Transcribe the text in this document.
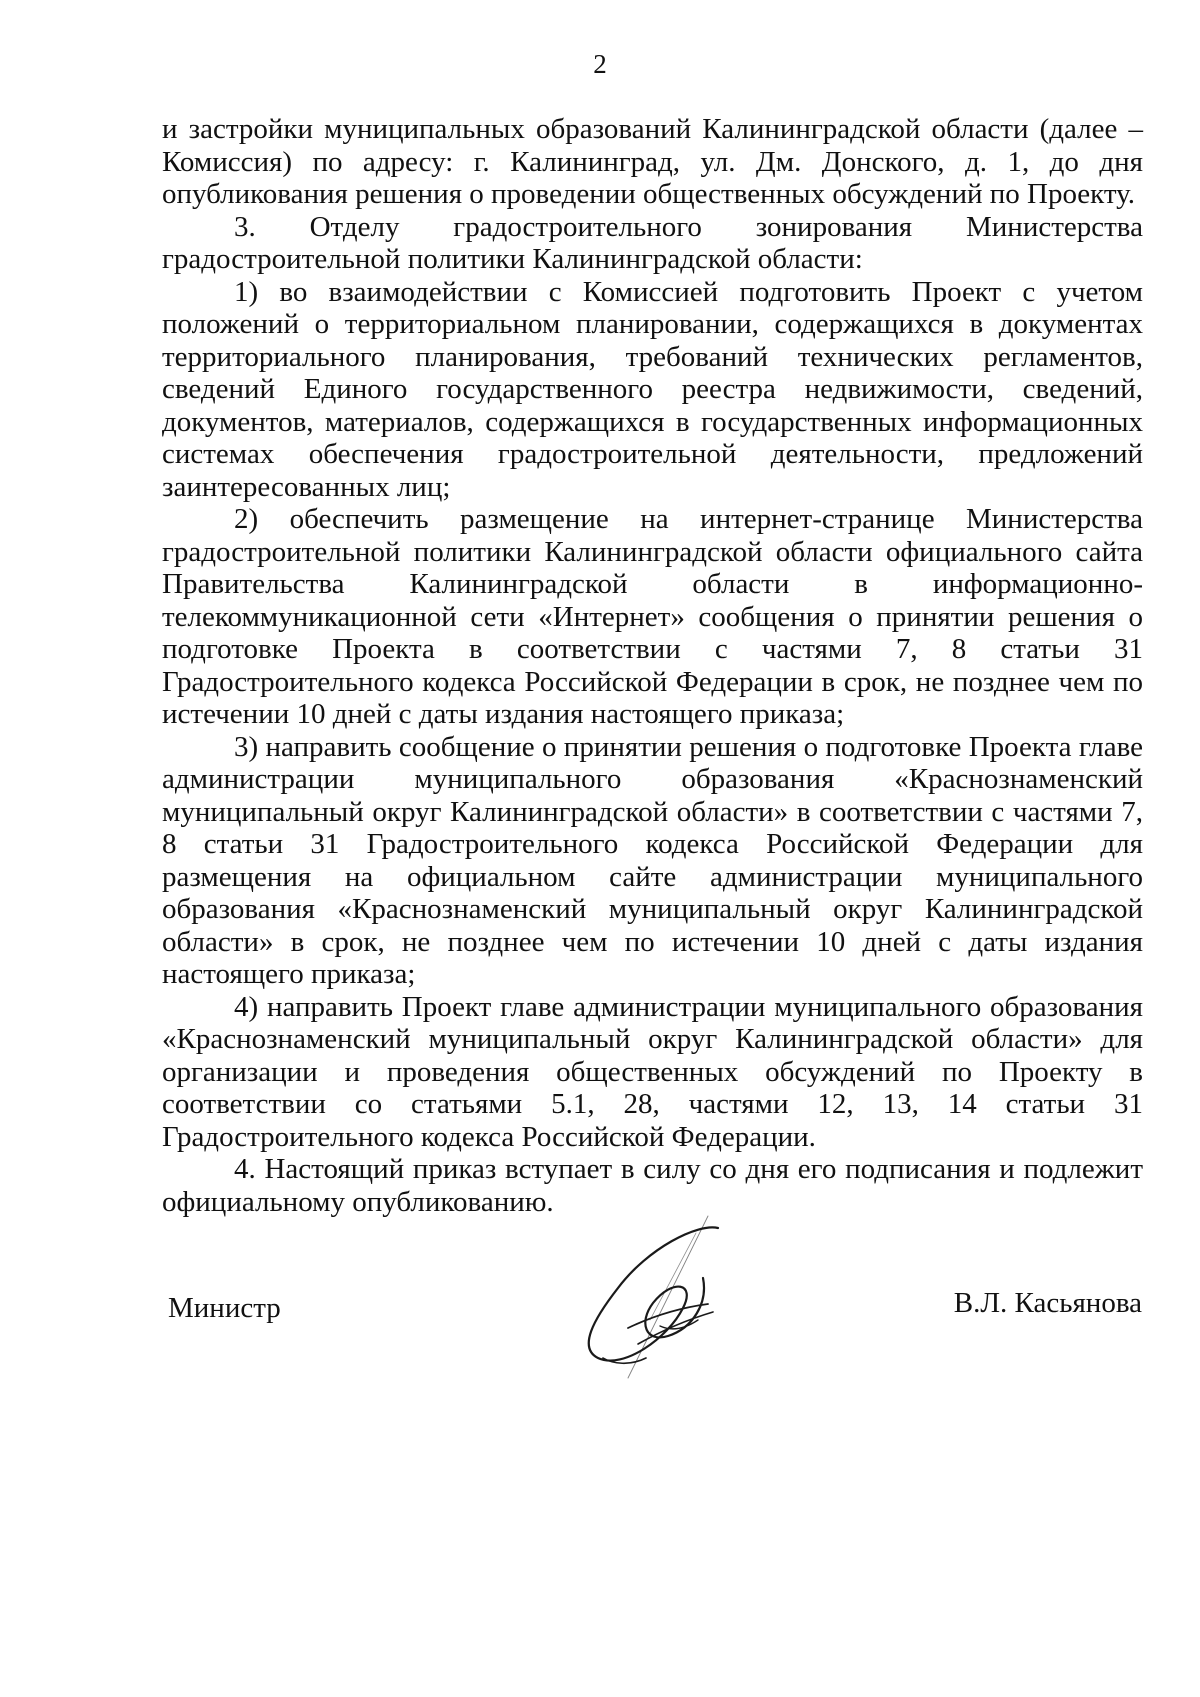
2

и застройки муниципальных образований Калининградской области (далее – Комиссия) по адресу: г. Калининград, ул. Дм. Донского, д. 1, до дня опубликования решения о проведении общественных обсуждений по Проекту.

3. Отделу градостроительного зонирования Министерства градостроительной политики Калининградской области:

1) во взаимодействии с Комиссией подготовить Проект с учетом положений о территориальном планировании, содержащихся в документах территориального планирования, требований технических регламентов, сведений Единого государственного реестра недвижимости, сведений, документов, материалов, содержащихся в государственных информационных системах обеспечения градостроительной деятельности, предложений заинтересованных лиц;

2) обеспечить размещение на интернет-странице Министерства градостроительной политики Калининградской области официального сайта Правительства Калининградской области в информационно-телекоммуникационной сети «Интернет» сообщения о принятии решения о подготовке Проекта в соответствии с частями 7, 8 статьи 31 Градостроительного кодекса Российской Федерации в срок, не позднее чем по истечении 10 дней с даты издания настоящего приказа;

3) направить сообщение о принятии решения о подготовке Проекта главе администрации муниципального образования «Краснознаменский муниципальный округ Калининградской области» в соответствии с частями 7, 8 статьи 31 Градостроительного кодекса Российской Федерации для размещения на официальном сайте администрации муниципального образования «Краснознаменский муниципальный округ Калининградской области» в срок, не позднее чем по истечении 10 дней с даты издания настоящего приказа;

4) направить Проект главе администрации муниципального образования «Краснознаменский муниципальный округ Калининградской области» для организации и проведения общественных обсуждений по Проекту в соответствии со статьями 5.1, 28, частями 12, 13, 14 статьи 31 Градостроительного кодекса Российской Федерации.

4. Настоящий приказ вступает в силу со дня его подписания и подлежит официальному опубликованию.

Министр	В.Л. Касьянова
